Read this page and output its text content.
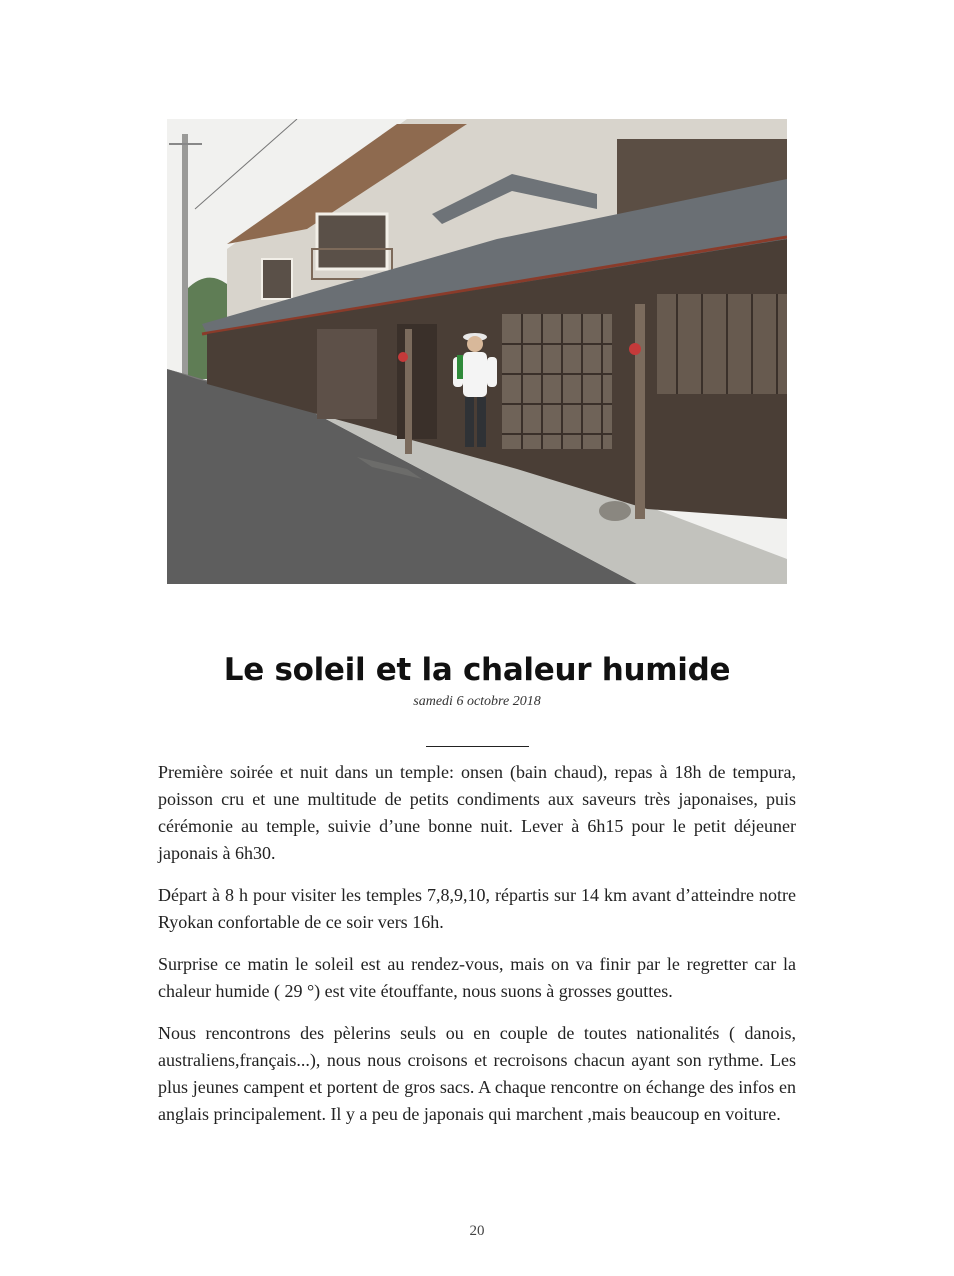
Le soleil et la chaleur humide
samedi 6 octobre 2018

Première soirée et nuit dans un temple: onsen (bain chaud), repas à 18h de tempura, poisson cru et une multitude de petits condiments aux saveurs très japonaises, puis cérémonie au temple, suivie d’une bonne nuit. Lever à 6h15 pour le petit déjeuner japonais à 6h30.

Départ à 8 h pour visiter les temples 7,8,9,10, répartis sur 14 km avant d’atteindre notre Ryokan confortable de ce soir vers 16h.

Surprise ce matin le soleil est au rendez-vous, mais on va finir par le regretter car la chaleur humide ( 29 °) est vite étouffante, nous suons à grosses gouttes.

Nous rencontrons des pèlerins seuls ou en couple de toutes nationalités ( danois, australiens,français...), nous nous croisons et recroisons chacun ayant son rythme. Les plus jeunes campent et portent de gros sacs. A chaque rencontre on échange des infos en anglais principalement. Il y a peu de japonais qui marchent ,mais beaucoup en voiture.

20
